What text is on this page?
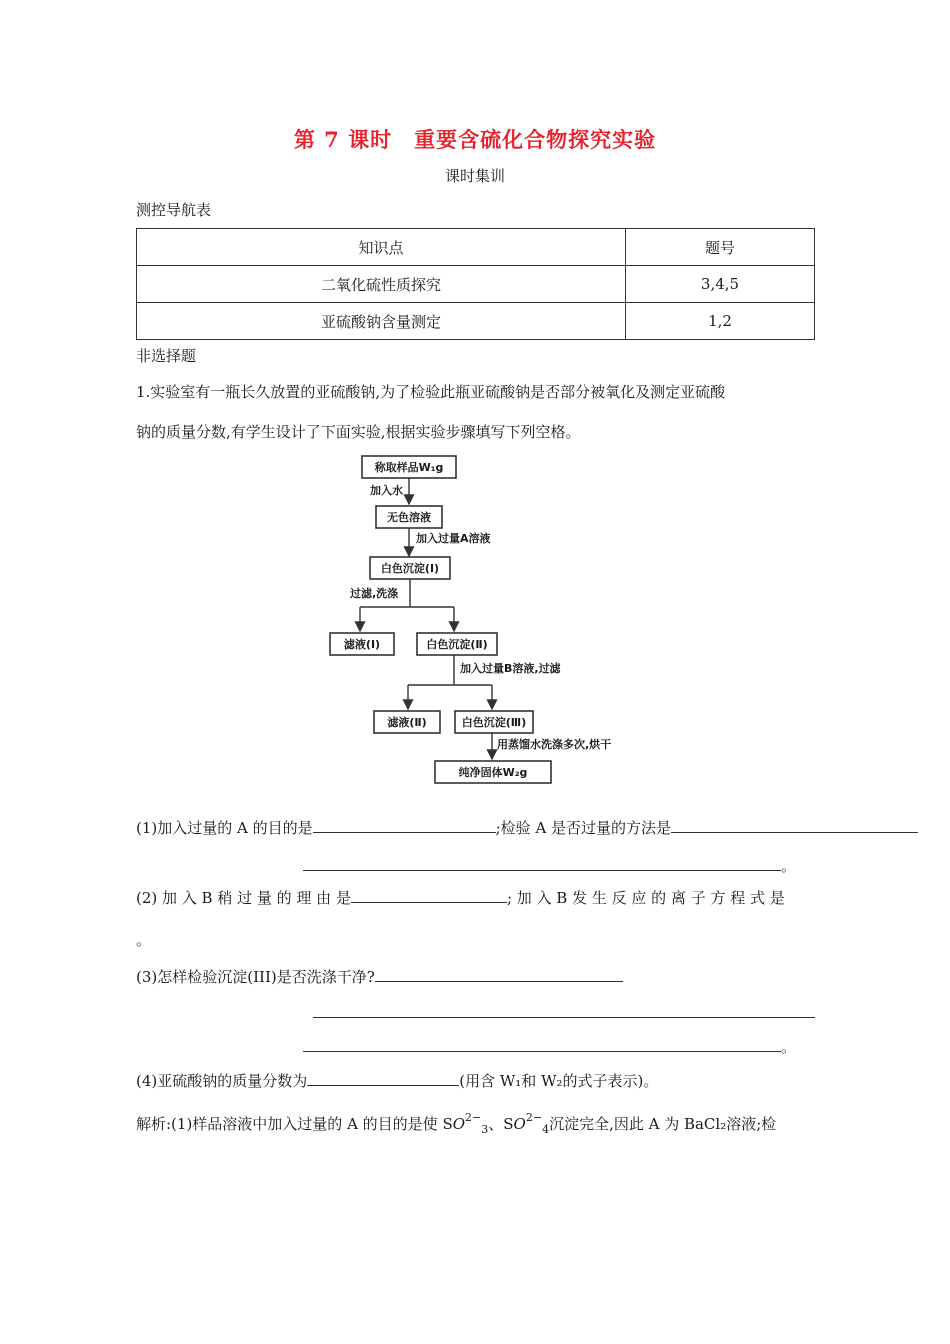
第 7 课时　重要含硫化合物探究实验
课时集训
测控导航表
知识点	题号
二氧化硫性质探究	3,4,5
亚硫酸钠含量测定	1,2
非选择题
1.实验室有一瓶长久放置的亚硫酸钠,为了检验此瓶亚硫酸钠是否部分被氧化及测定亚硫酸
钠的质量分数,有学生设计了下面实验,根据实验步骤填写下列空格。
称取样品W₁g
加入水
无色溶液
加入过量A溶液
白色沉淀(Ⅰ)
过滤,洗涤
滤液(Ⅰ)	白色沉淀(Ⅱ)
加入过量B溶液,过滤
滤液(Ⅱ)	白色沉淀(Ⅲ)
用蒸馏水洗涤多次,烘干
纯净固体W₂g
(1)加入过量的 A 的目的是	;检验 A 是否过量的方法是
。
(2) 加 入 B 稍 过 量 的 理 由 是	; 加 入 B 发 生 反 应 的 离 子 方 程 式 是
。
(3)怎样检验沉淀(III)是否洗涤干净?
。
(4)亚硫酸钠的质量分数为	(用含 W₁和 W₂的式子表示)。
解析:(1)样品溶液中加入过量的 A 的目的是使 $SO^{2-}_3$、$SO^{2-}_4$沉淀完全,因此 A 为 BaCl₂溶液;检
